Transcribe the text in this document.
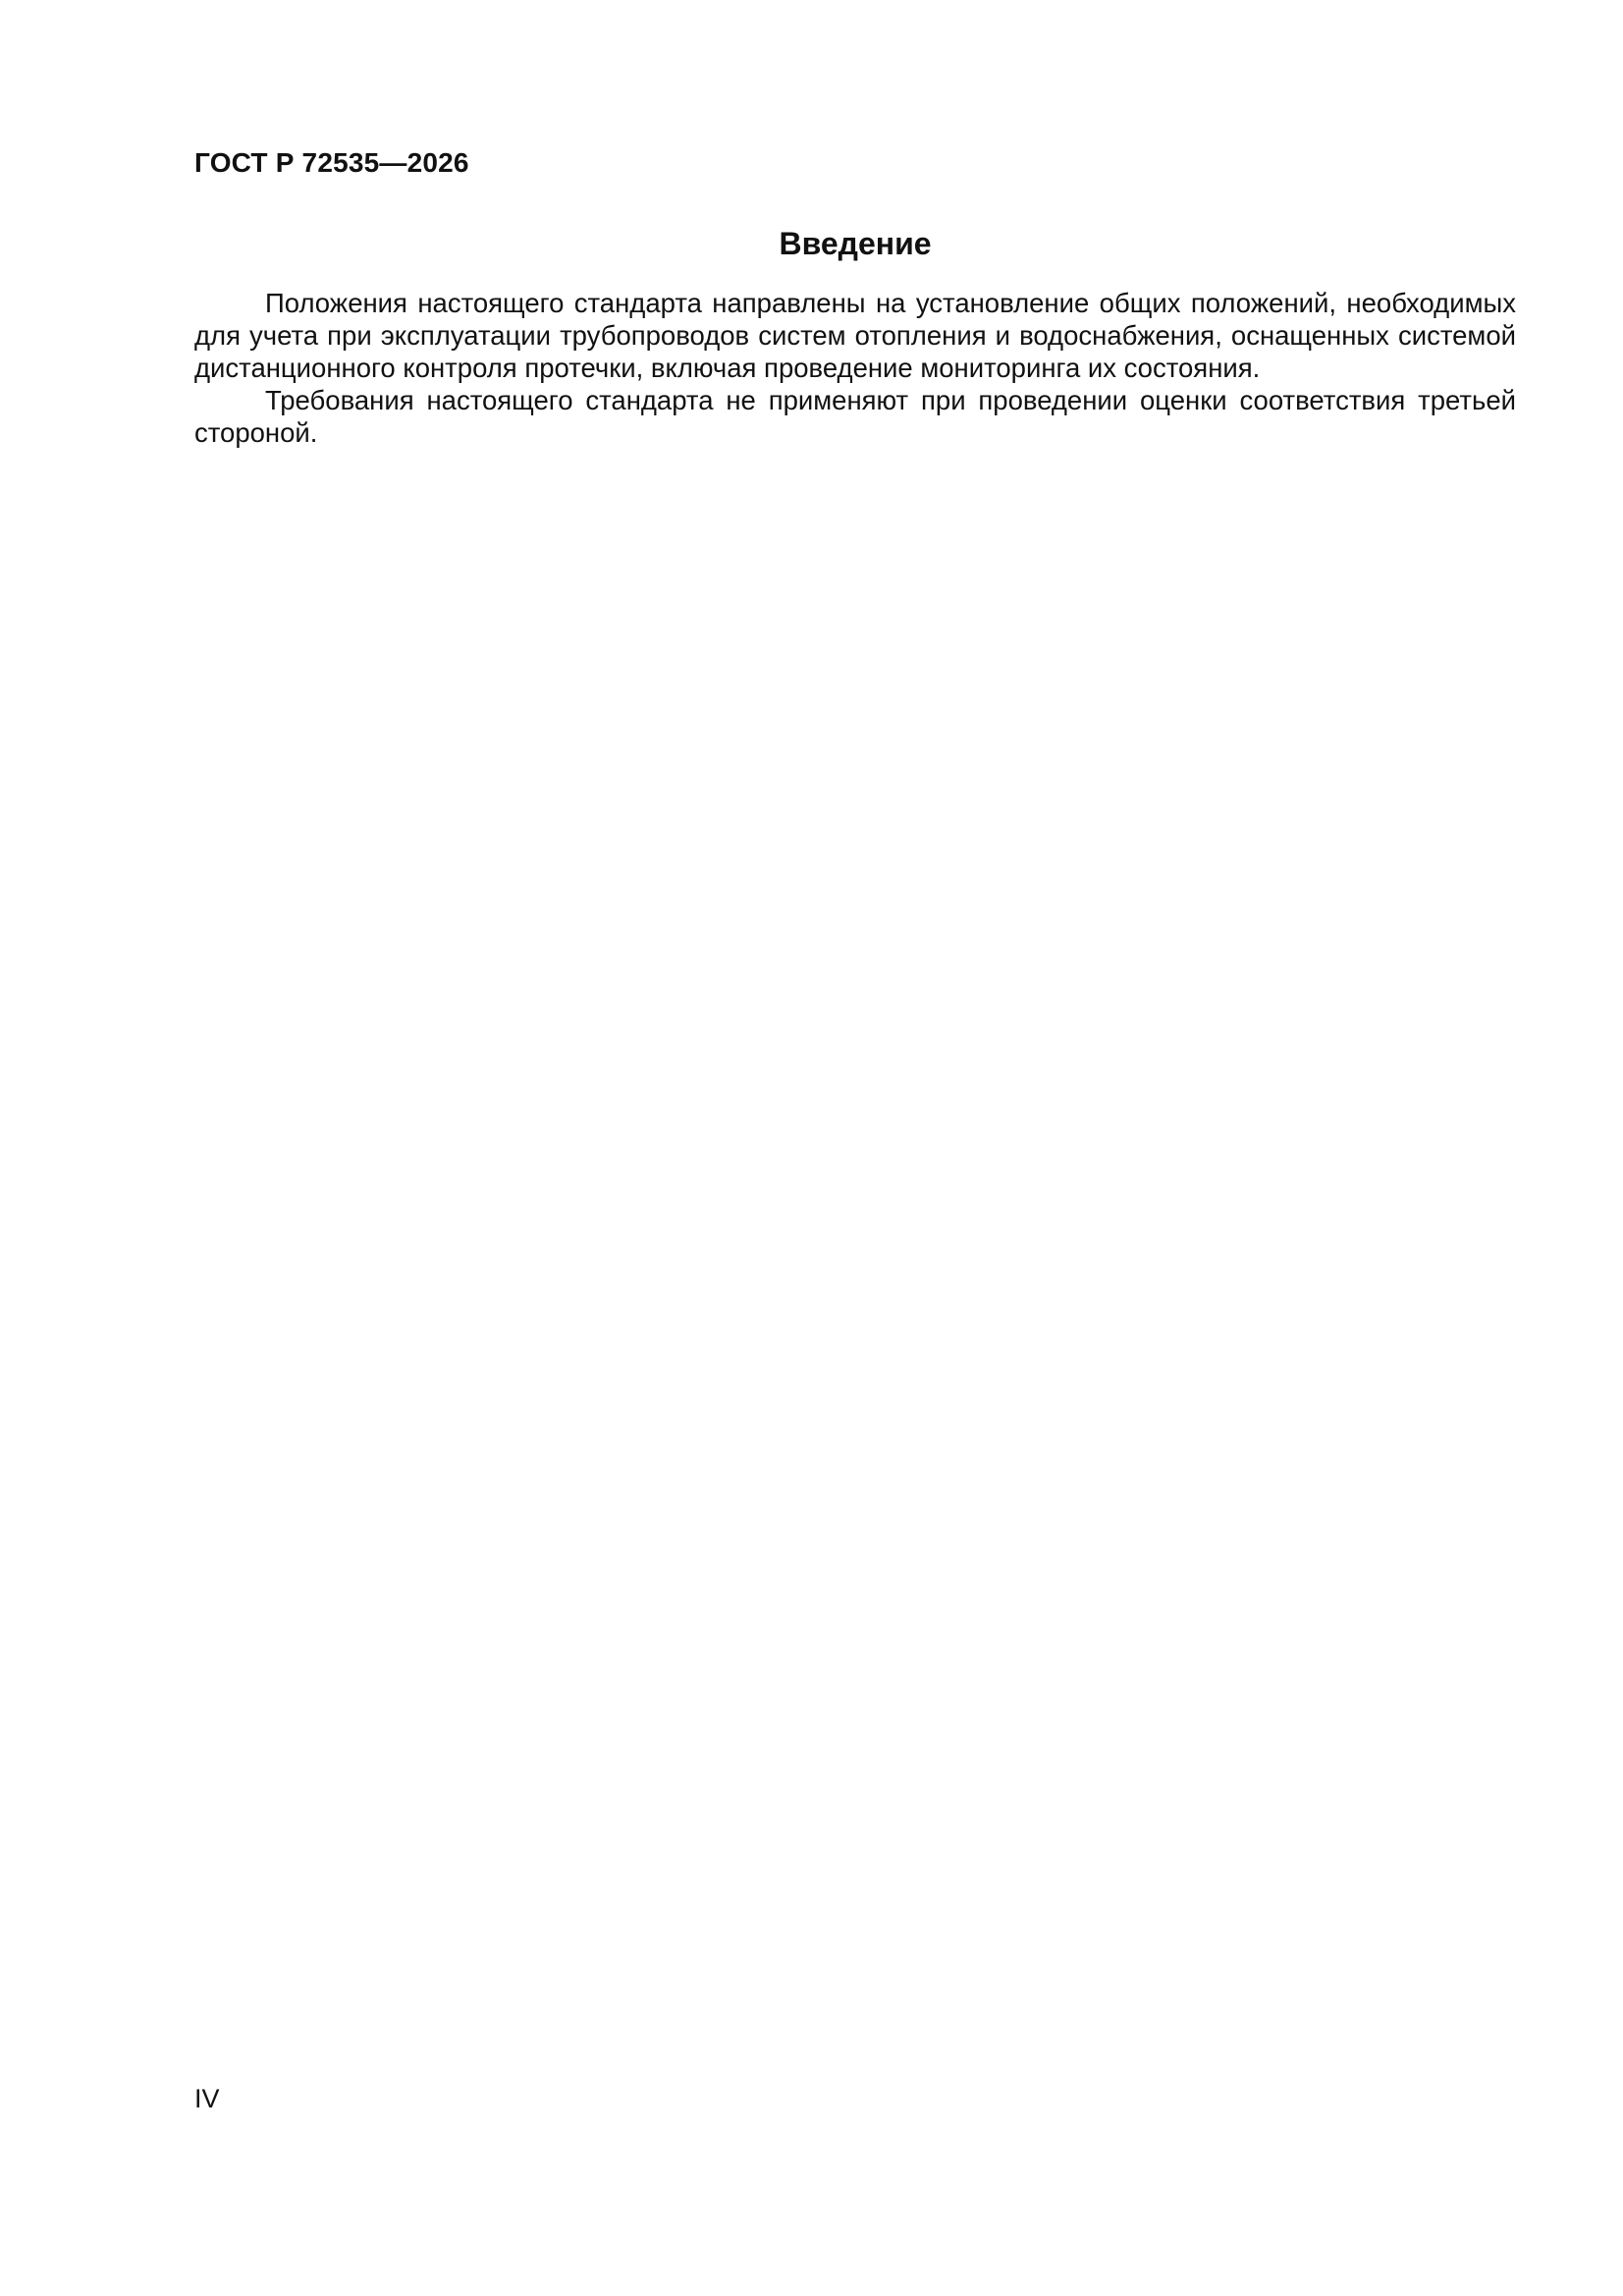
ГОСТ Р 72535—2026
Введение

Положения настоящего стандарта направлены на установление общих положений, необходимых для учета при эксплуатации трубопроводов систем отопления и водоснабжения, оснащенных системой дистанционного контроля протечки, включая проведение мониторинга их состояния.

Требования настоящего стандарта не применяют при проведении оценки соответствия третьей стороной.

IV
